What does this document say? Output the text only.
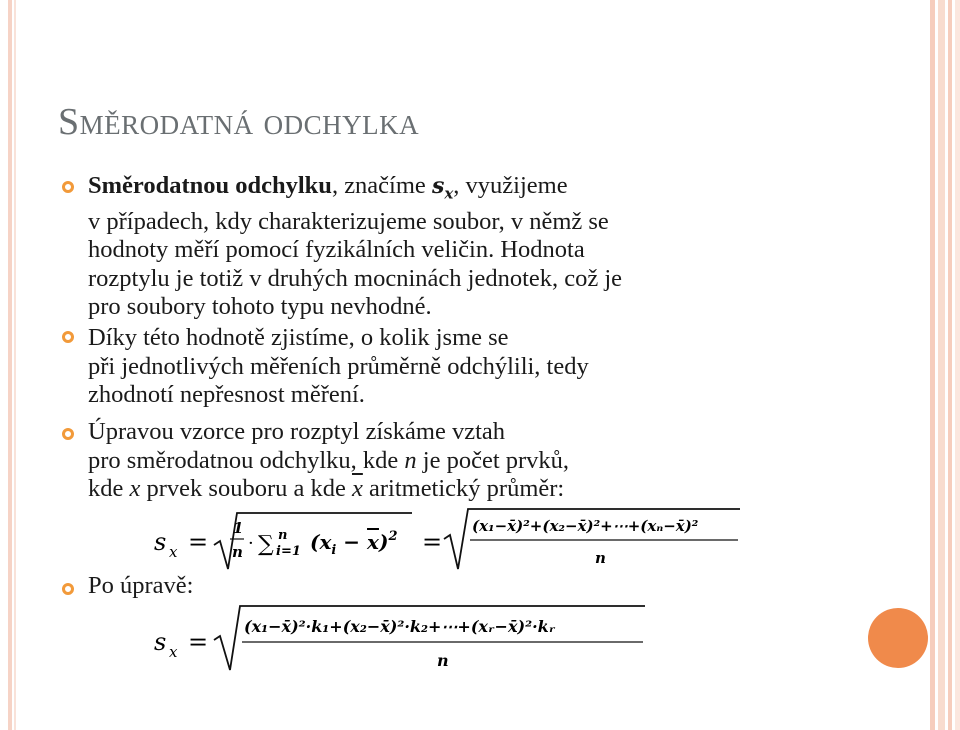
Směrodatná odchylka
Směrodatnou odchylku, značíme $s_x$, využijeme
v případech, kdy charakterizujeme soubor, v němž se
hodnoty měří pomocí fyzikálních veličin. Hodnota
rozptylu je totiž v druhých mocninách jednotek, což je
pro soubory tohoto typu nevhodné.
Díky této hodnotě zjistíme, o kolik jsme se
při jednotlivých měřeních průměrně odchýlili, tedy
zhodnotí nepřesnost měření.
Úpravou vzorce pro rozptyl získáme vztah
pro směrodatnou odchylku, kde n je počet prvků,
kde x prvek souboru a kde $\overline{x}$ aritmetický průměr:
s x = 1
n · ∑ n
i=1 $(x_i - x)^2$ =
(x₁−x̄)²+(x₂−x̄)²+⋯+(xₙ−x̄)²
n
Po úpravě:
s x =
(x₁−x̄)²·k₁+(x₂−x̄)²·k₂+⋯+(xᵣ−x̄)²·kᵣ
n
